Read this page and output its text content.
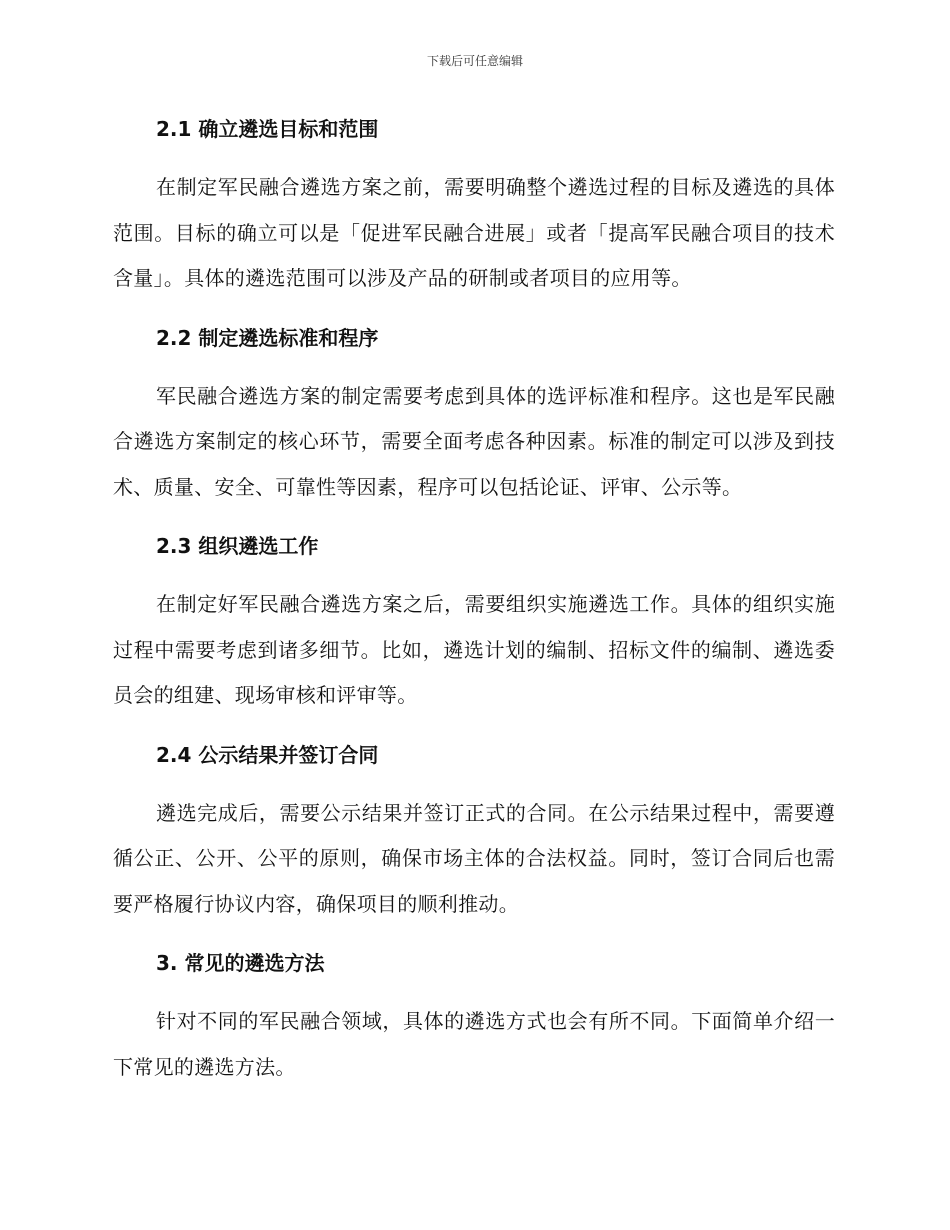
下载后可任意编辑
2.1 确立遴选目标和范围

在制定军民融合遴选方案之前，需要明确整个遴选过程的目标及遴选的具体范围。目标的确立可以是「促进军民融合进展」或者「提高军民融合项目的技术含量」。具体的遴选范围可以涉及产品的研制或者项目的应用等。

2.2 制定遴选标准和程序

军民融合遴选方案的制定需要考虑到具体的选评标准和程序。这也是军民融合遴选方案制定的核心环节，需要全面考虑各种因素。标准的制定可以涉及到技术、质量、安全、可靠性等因素，程序可以包括论证、评审、公示等。

2.3 组织遴选工作

在制定好军民融合遴选方案之后，需要组织实施遴选工作。具体的组织实施过程中需要考虑到诸多细节。比如，遴选计划的编制、招标文件的编制、遴选委员会的组建、现场审核和评审等。

2.4 公示结果并签订合同

遴选完成后，需要公示结果并签订正式的合同。在公示结果过程中，需要遵循公正、公开、公平的原则，确保市场主体的合法权益。同时，签订合同后也需要严格履行协议内容，确保项目的顺利推动。

3. 常见的遴选方法

针对不同的军民融合领域，具体的遴选方式也会有所不同。下面简单介绍一下常见的遴选方法。
